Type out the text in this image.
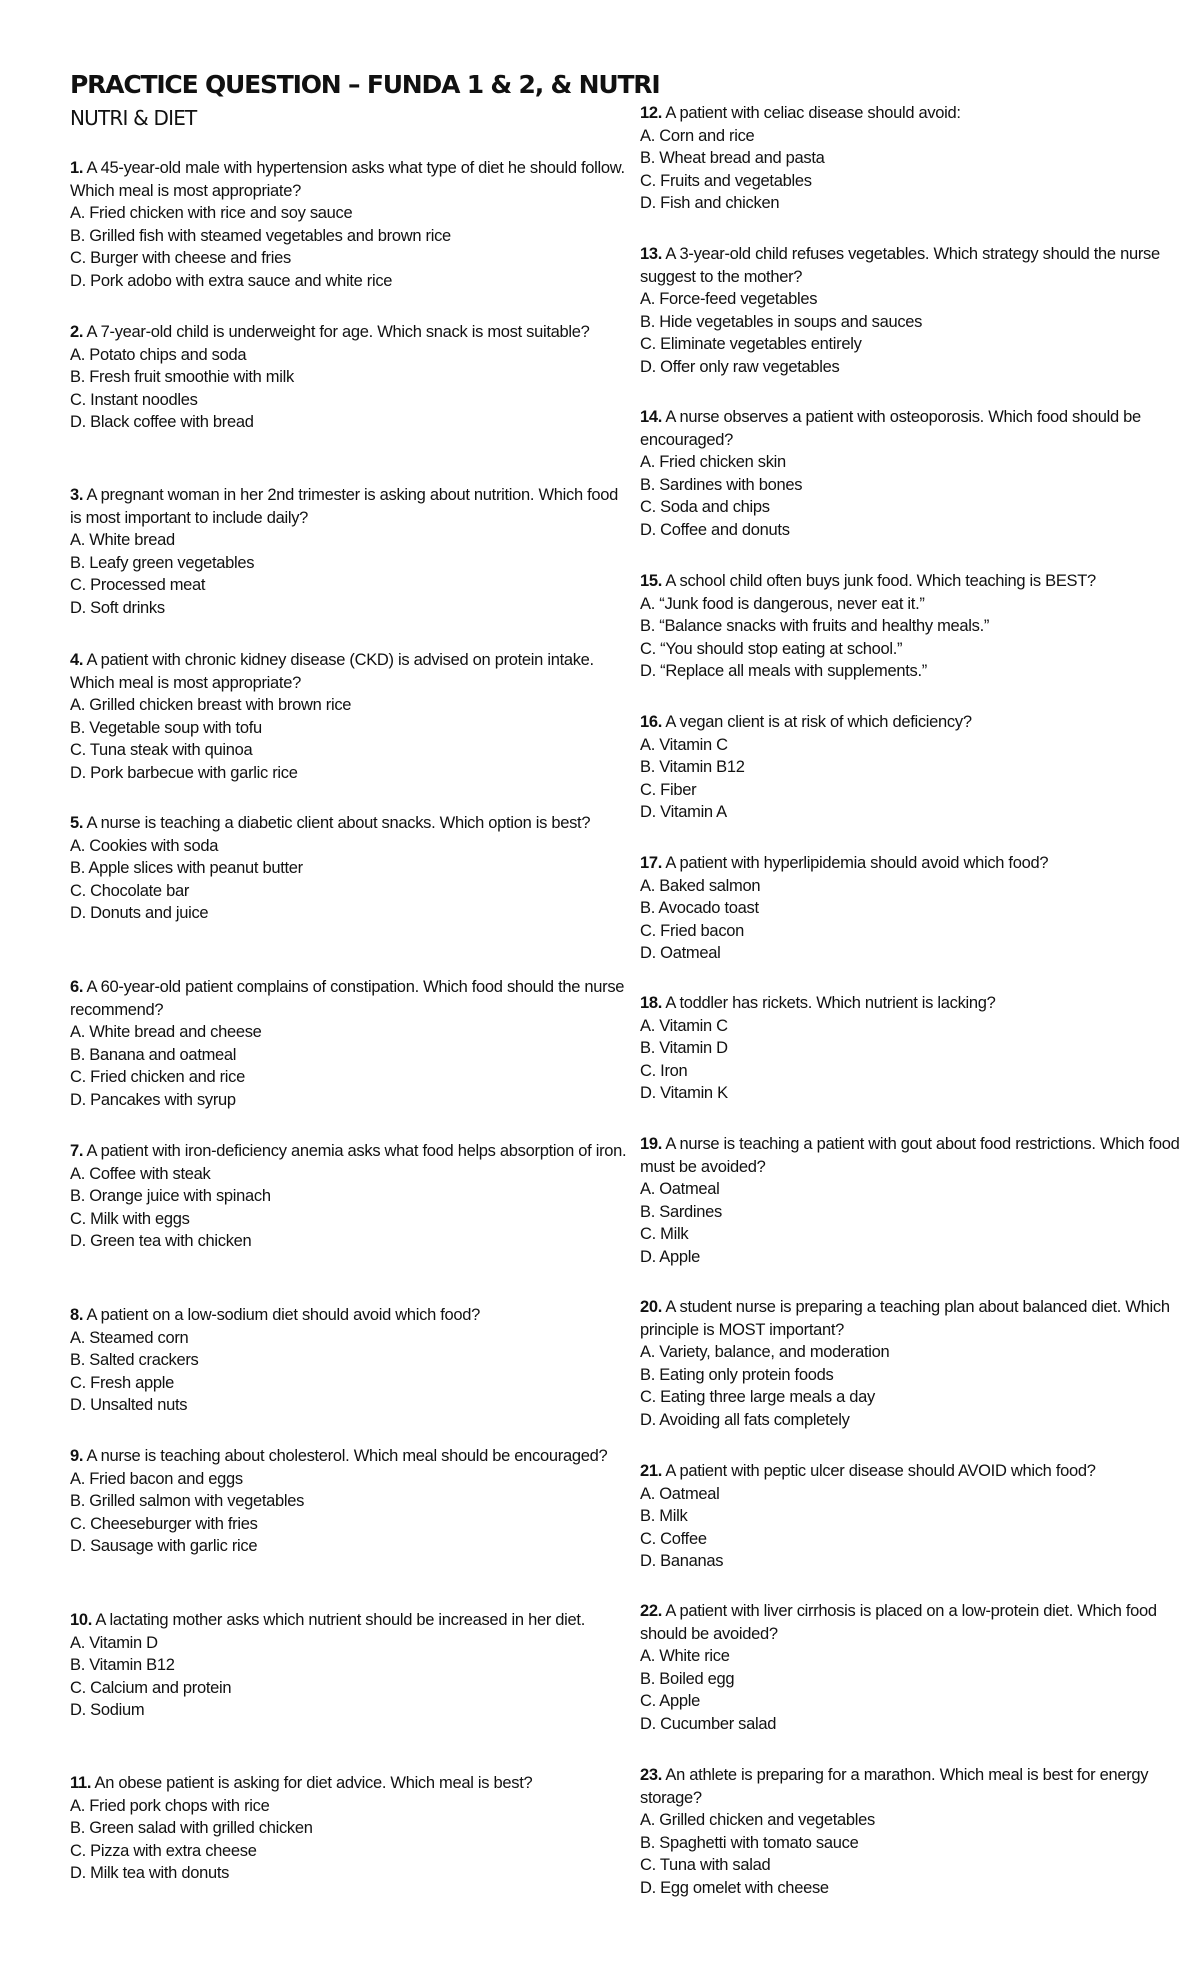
PRACTICE QUESTION – FUNDA 1 & 2, & NUTRI
NUTRI & DIET

1. A 45-year-old male with hypertension asks what type of diet he should follow. Which meal is most appropriate?

A. Fried chicken with rice and soy sauce

B. Grilled fish with steamed vegetables and brown rice

C. Burger with cheese and fries

D. Pork adobo with extra sauce and white rice

2. A 7-year-old child is underweight for age. Which snack is most suitable?

A. Potato chips and soda

B. Fresh fruit smoothie with milk

C. Instant noodles

D. Black coffee with bread

3. A pregnant woman in her 2nd trimester is asking about nutrition. Which food is most important to include daily?

A. White bread

B. Leafy green vegetables

C. Processed meat

D. Soft drinks

4. A patient with chronic kidney disease (CKD) is advised on protein intake. Which meal is most appropriate?

A. Grilled chicken breast with brown rice

B. Vegetable soup with tofu

C. Tuna steak with quinoa

D. Pork barbecue with garlic rice

5. A nurse is teaching a diabetic client about snacks. Which option is best?

A. Cookies with soda

B. Apple slices with peanut butter

C. Chocolate bar

D. Donuts and juice

6. A 60-year-old patient complains of constipation. Which food should the nurse recommend?

A. White bread and cheese

B. Banana and oatmeal

C. Fried chicken and rice

D. Pancakes with syrup

7. A patient with iron-deficiency anemia asks what food helps absorption of iron.

A. Coffee with steak

B. Orange juice with spinach

C. Milk with eggs

D. Green tea with chicken

8. A patient on a low-sodium diet should avoid which food?

A. Steamed corn

B. Salted crackers

C. Fresh apple

D. Unsalted nuts

9. A nurse is teaching about cholesterol. Which meal should be encouraged?

A. Fried bacon and eggs

B. Grilled salmon with vegetables

C. Cheeseburger with fries

D. Sausage with garlic rice

10. A lactating mother asks which nutrient should be increased in her diet.

A. Vitamin D

B. Vitamin B12

C. Calcium and protein

D. Sodium

11. An obese patient is asking for diet advice. Which meal is best?

A. Fried pork chops with rice

B. Green salad with grilled chicken

C. Pizza with extra cheese

D. Milk tea with donuts

12. A patient with celiac disease should avoid:

A. Corn and rice

B. Wheat bread and pasta

C. Fruits and vegetables

D. Fish and chicken

13. A 3-year-old child refuses vegetables. Which strategy should the nurse suggest to the mother?

A. Force-feed vegetables

B. Hide vegetables in soups and sauces

C. Eliminate vegetables entirely

D. Offer only raw vegetables

14. A nurse observes a patient with osteoporosis. Which food should be encouraged?

A. Fried chicken skin

B. Sardines with bones

C. Soda and chips

D. Coffee and donuts

15. A school child often buys junk food. Which teaching is BEST?

A. “Junk food is dangerous, never eat it.”

B. “Balance snacks with fruits and healthy meals.”

C. “You should stop eating at school.”

D. “Replace all meals with supplements.”

16. A vegan client is at risk of which deficiency?

A. Vitamin C

B. Vitamin B12

C. Fiber

D. Vitamin A

17. A patient with hyperlipidemia should avoid which food?

A. Baked salmon

B. Avocado toast

C. Fried bacon

D. Oatmeal

18. A toddler has rickets. Which nutrient is lacking?

A. Vitamin C

B. Vitamin D

C. Iron

D. Vitamin K

19. A nurse is teaching a patient with gout about food restrictions. Which food must be avoided?

A. Oatmeal

B. Sardines

C. Milk

D. Apple

20. A student nurse is preparing a teaching plan about balanced diet. Which principle is MOST important?

A. Variety, balance, and moderation

B. Eating only protein foods

C. Eating three large meals a day

D. Avoiding all fats completely

21. A patient with peptic ulcer disease should AVOID which food?

A. Oatmeal

B. Milk

C. Coffee

D. Bananas

22. A patient with liver cirrhosis is placed on a low-protein diet. Which food should be avoided?

A. White rice

B. Boiled egg

C. Apple

D. Cucumber salad

23. An athlete is preparing for a marathon. Which meal is best for energy storage?

A. Grilled chicken and vegetables

B. Spaghetti with tomato sauce

C. Tuna with salad

D. Egg omelet with cheese
